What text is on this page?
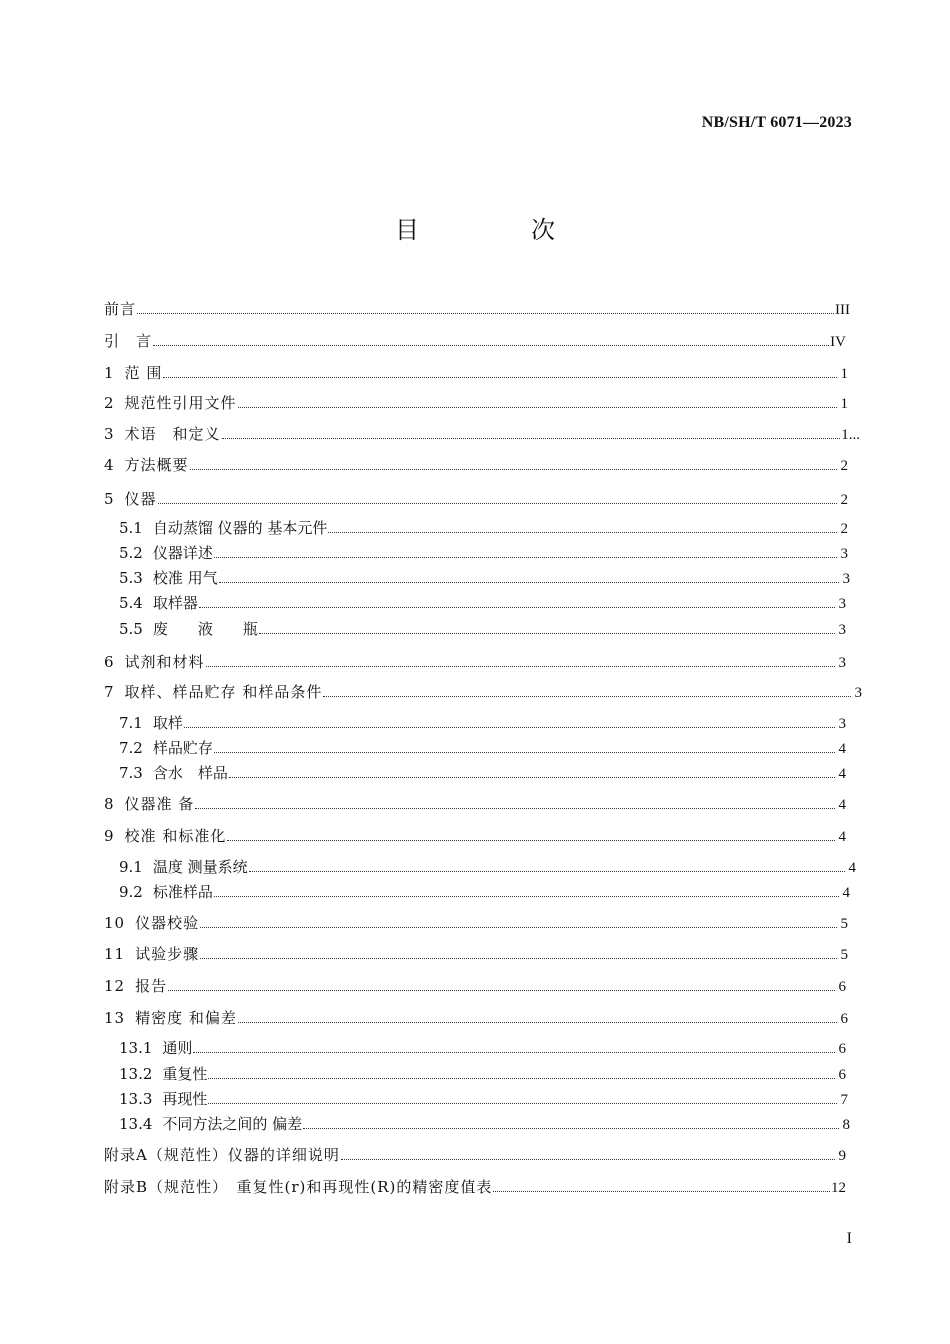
NB/SH/T 6071—2023
目　次
前言	III
引　言	IV
1 范 围	1
2 规范性引用文件	1
3 术语　和定义	1...
4 方法概要	2
5 仪器	2
5.1 自动蒸馏 仪器的 基本元件	2
5.2 仪器详述	3
5.3 校准 用气	3
5.4 取样器	3
5.5 废　　液　　瓶	3
6 试剂和材料	3
7 取样、样品贮存 和样品条件	3
7.1 取样	3
7.2 样品贮存	4
7.3 含水　样品	4
8 仪器准 备	4
9 校准 和标准化	4
9.1 温度 测量系统	4
9.2 标准样品	4
10 仪器校验	5
11 试验步骤	5
12 报告	6
13 精密度 和偏差	6
13.1 通则	6
13.2 重复性	6
13.3 再现性	7
13.4 不同方法之间的 偏差	8
附录A（规范性）仪器的详细说明	9
附录B（规范性）　重复性(r)和再现性(R)的精密度值表	12
I
